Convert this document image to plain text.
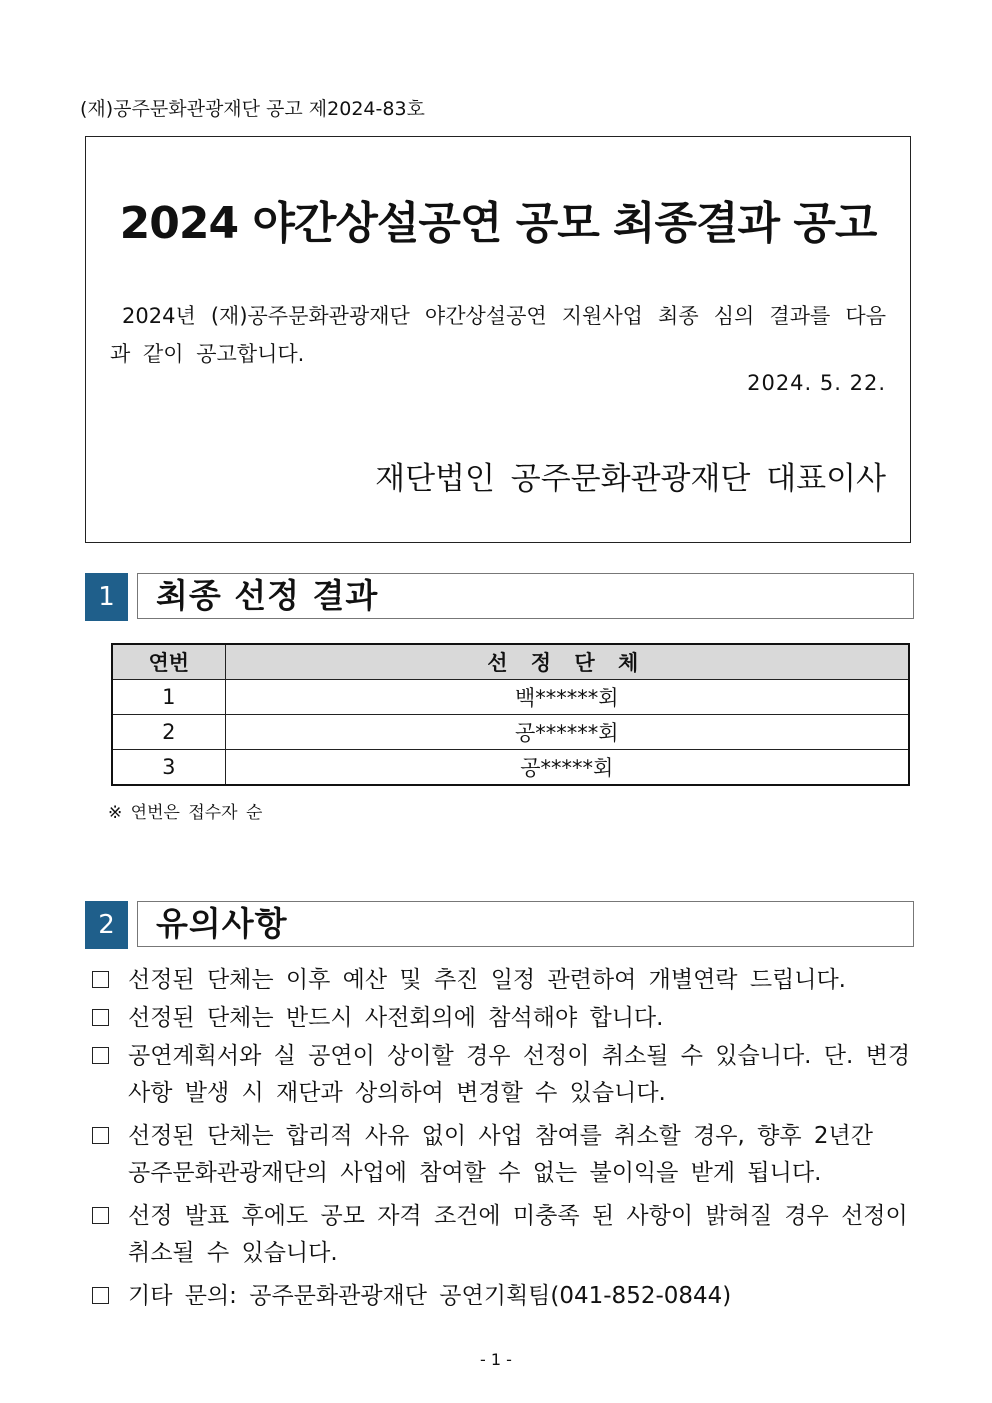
(재)공주문화관광재단 공고 제2024-83호
2024 야간상설공연 공모 최종결과 공고
2024년 (재)공주문화관광재단 야간상설공연 지원사업 최종 심의 결과를 다음과 같이 공고합니다.
2024. 5. 22.
재단법인 공주문화관광재단 대표이사
1	최종 선정 결과
연번	선 정 단 체
1	백******회
2	공******회
3	공*****회
※ 연번은 접수자 순
2	유의사항
선정된 단체는 이후 예산 및 추진 일정 관련하여 개별연락 드립니다.
선정된 단체는 반드시 사전회의에 참석해야 합니다.
공연계획서와 실 공연이 상이할 경우 선정이 취소될 수 있습니다. 단. 변경 사항 발생 시 재단과 상의하여 변경할 수 있습니다.
선정된 단체는 합리적 사유 없이 사업 참여를 취소할 경우, 향후 2년간
공주문화관광재단의 사업에 참여할 수 없는 불이익을 받게 됩니다.
선정 발표 후에도 공모 자격 조건에 미충족 된 사항이 밝혀질 경우 선정이
취소될 수 있습니다.
기타 문의: 공주문화관광재단 공연기획팀(041-852-0844)
- 1 -
